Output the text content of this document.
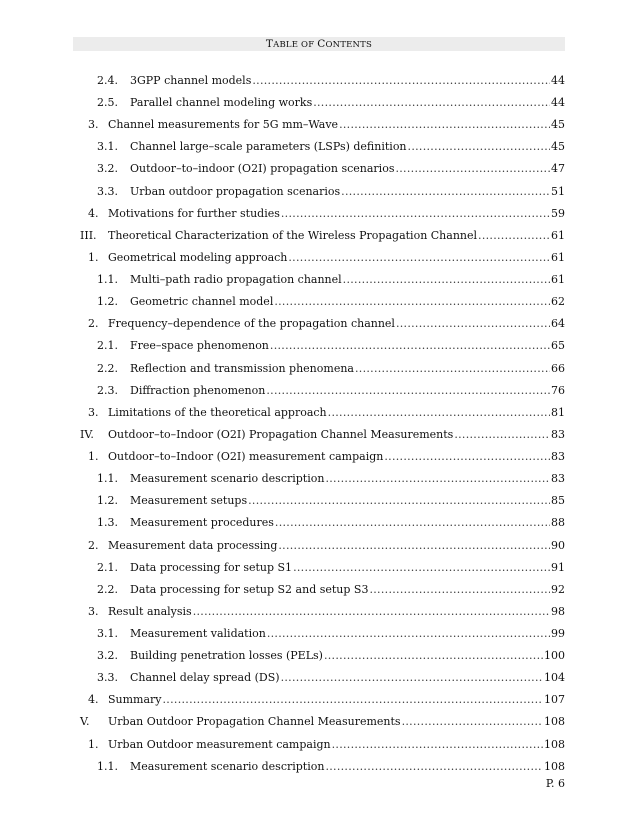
TABLE OF CONTENTS
2.4.	3GPP channel models .....	44
2.5.	Parallel channel modeling works .....	44
3. Channel measurements for 5G mm–Wave .....	45
3.1.	Channel large–scale parameters (LSPs) definition .....	45
3.2.	Outdoor–to–indoor (O2I) propagation scenarios .....	47
3.3.	Urban outdoor propagation scenarios .....	51
4. Motivations for further studies .....	59
III.	Theoretical Characterization of the Wireless Propagation Channel .....	61
1. Geometrical modeling approach .....	61
1.1.	Multi–path radio propagation channel .....	61
1.2.	Geometric channel model .....	62
2. Frequency–dependence of the propagation channel .....	64
2.1.	Free–space phenomenon .....	65
2.2.	Reflection and transmission phenomena .....	66
2.3.	Diffraction phenomenon .....	76
3. Limitations of the theoretical approach .....	81
IV.	Outdoor–to–Indoor (O2I) Propagation Channel Measurements .....	83
1. Outdoor–to–Indoor (O2I) measurement campaign .....	83
1.1.	Measurement scenario description .....	83
1.2.	Measurement setups .....	85
1.3.	Measurement procedures .....	88
2. Measurement data processing .....	90
2.1.	Data processing for setup S1 .....	91
2.2.	Data processing for setup S2 and setup S3 .....	92
3. Result analysis .....	98
3.1.	Measurement validation .....	99
3.2.	Building penetration losses (PELs) .....	100
3.3.	Channel delay spread (DS) .....	104
4. Summary .....	107
V.	Urban Outdoor Propagation Channel Measurements .....	108
1. Urban Outdoor measurement campaign .....	108
1.1.	Measurement scenario description .....	108
P. 6
